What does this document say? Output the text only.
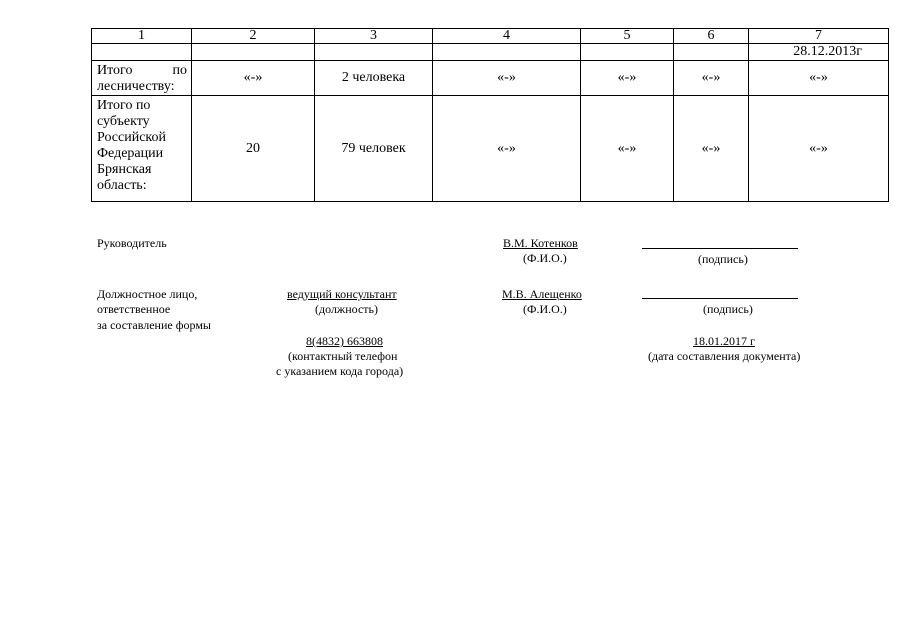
1	2	3	4	5	6	7
						28.12.2013г

Итого по
лесничеству:	«-»	2 человека	«-»	«-»	«-»	«-»
Итого по субъекту Российской Федерации Брянская область:	20	79 человек	«-»	«-»	«-»	«-»
Руководитель	В.М. Котенков
(Ф.И.О.)	(подпись)
Должностное лицо,
ответственное
за составление формы
ведущий консультант
(должность)
М.В. Алещенко
(Ф.И.О.)	(подпись)
8(4832) 663808
(контактный телефон
с указанием кода города)
18.01.2017 г
(дата составления документа)
